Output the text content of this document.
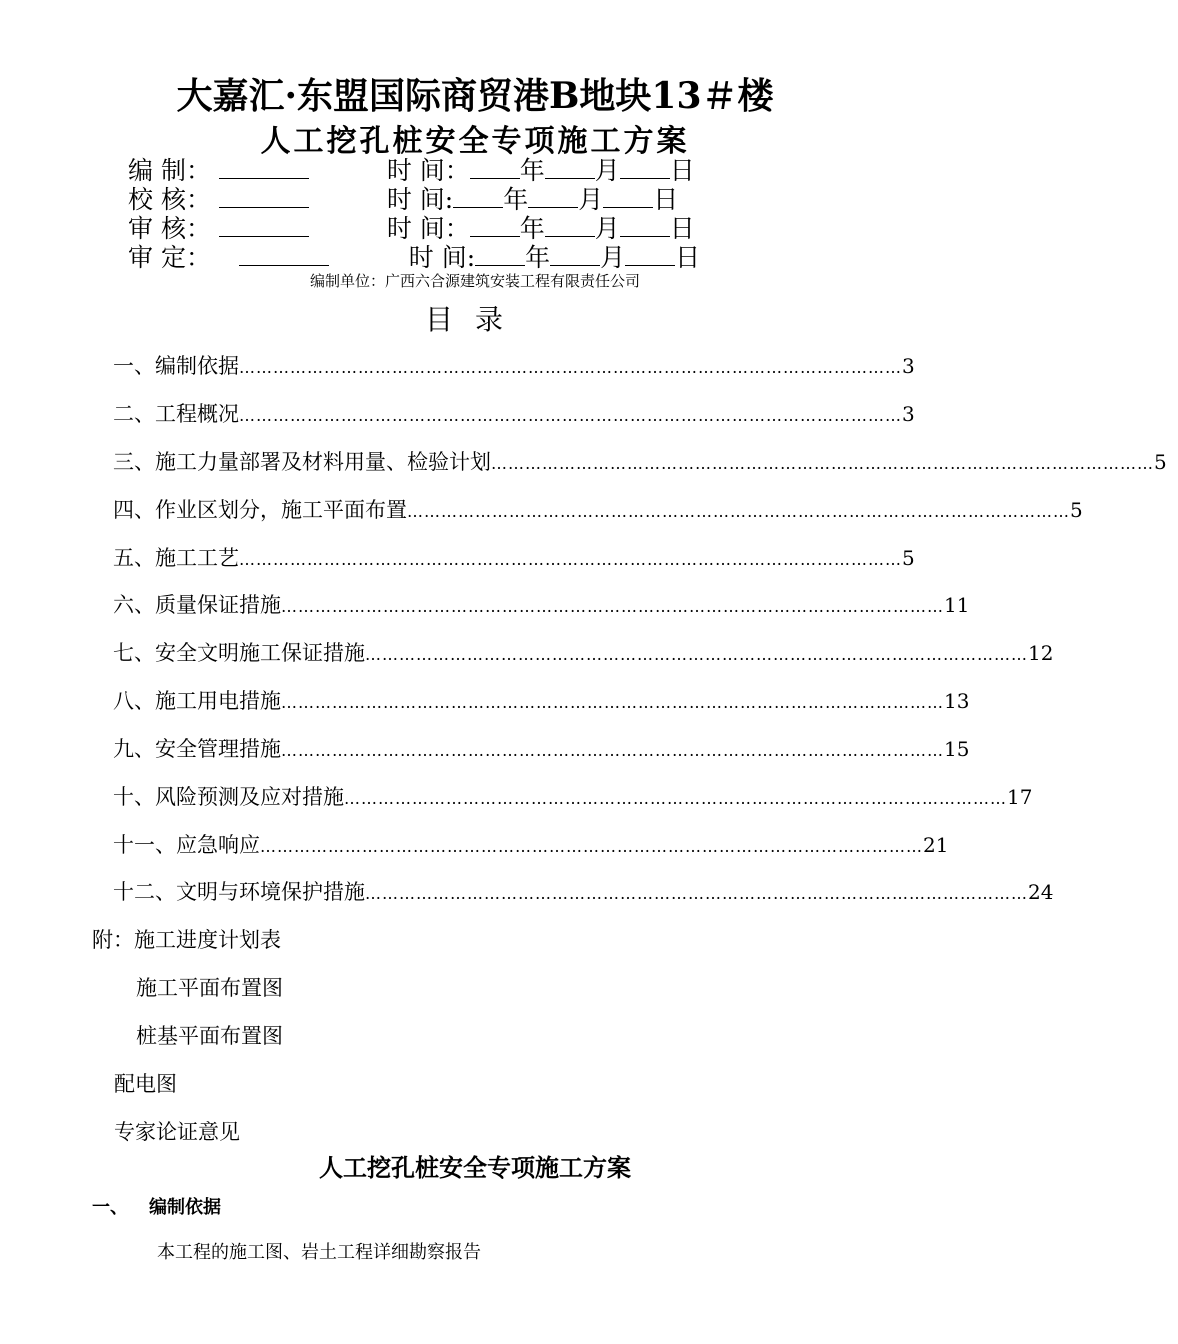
大嘉汇·东盟国际商贸港B地块13＃楼
人工挖孔桩安全专项施工方案
编 制：	时 间： 年 月 日
校 核：	时 间: 年 月 日
审 核：	时 间： 年 月 日
审 定：	时 间: 年 月 日
编制单位：广西六合源建筑安装工程有限责任公司
目录
一、编制依据 ……………………………………………………………………………………………………… 3
二、工程概况 ……………………………………………………………………………………………………… 3
三、施工力量部署及材料用量、检验计划 ……………………………………………………………………………………………………… 5
四、作业区划分，施工平面布置 ……………………………………………………………………………………………………… 5
五、施工工艺 ……………………………………………………………………………………………………… 5
六、质量保证措施 ……………………………………………………………………………………………………… 11
七、安全文明施工保证措施 ……………………………………………………………………………………………………… 12
八、施工用电措施 ……………………………………………………………………………………………………… 13
九、安全管理措施 ……………………………………………………………………………………………………… 15
十、风险预测及应对措施 ……………………………………………………………………………………………………… 17
十一、应急响应 ……………………………………………………………………………………………………… 21
十二、文明与环境保护措施 ……………………………………………………………………………………………………… 24
附：施工进度计划表
施工平面布置图
桩基平面布置图
配电图
专家论证意见
人工挖孔桩安全专项施工方案
一、 编制依据
本工程的施工图、岩土工程详细勘察报告
